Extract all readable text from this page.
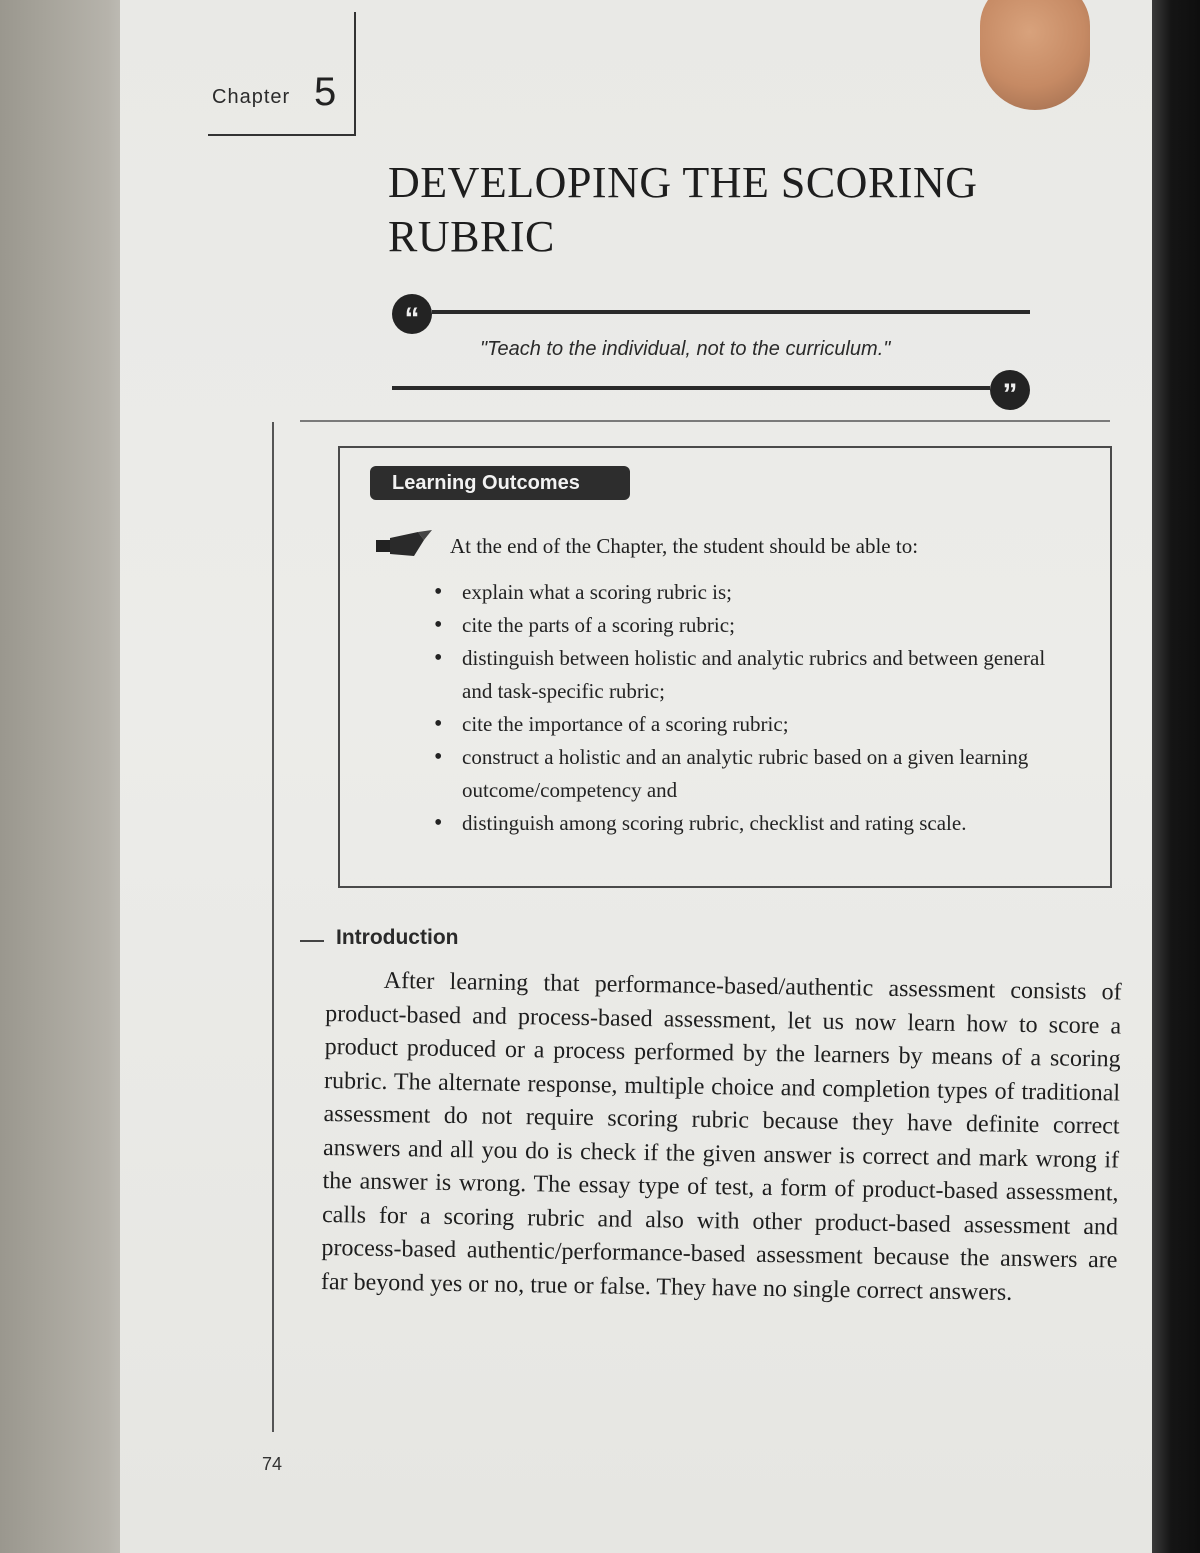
Chapter 5
DEVELOPING THE SCORING
RUBRIC
“
"Teach to the individual, not to the curriculum."
”
Learning Outcomes
At the end of the Chapter, the student should be able to:
• explain what a scoring rubric is;
• cite the parts of a scoring rubric;
• distinguish between holistic and analytic rubrics and between general and task-specific rubric;
• cite the importance of a scoring rubric;
• construct a holistic and an analytic rubric based on a given learning outcome/competency and
• distinguish among scoring rubric, checklist and rating scale.
Introduction

After learning that performance-based/authentic assessment consists of product-based and process-based assessment, let us now learn how to score a product produced or a process performed by the learners by means of a scoring rubric. The alternate response, multiple choice and completion types of traditional assessment do not require scoring rubric because they have definite correct answers and all you do is check if the given answer is correct and mark wrong if the answer is wrong. The essay type of test, a form of product-based assessment, calls for a scoring rubric and also with other product-based assessment and process-based authentic/performance-based assessment because the answers are far beyond yes or no, true or false. They have no single correct answers.

74
